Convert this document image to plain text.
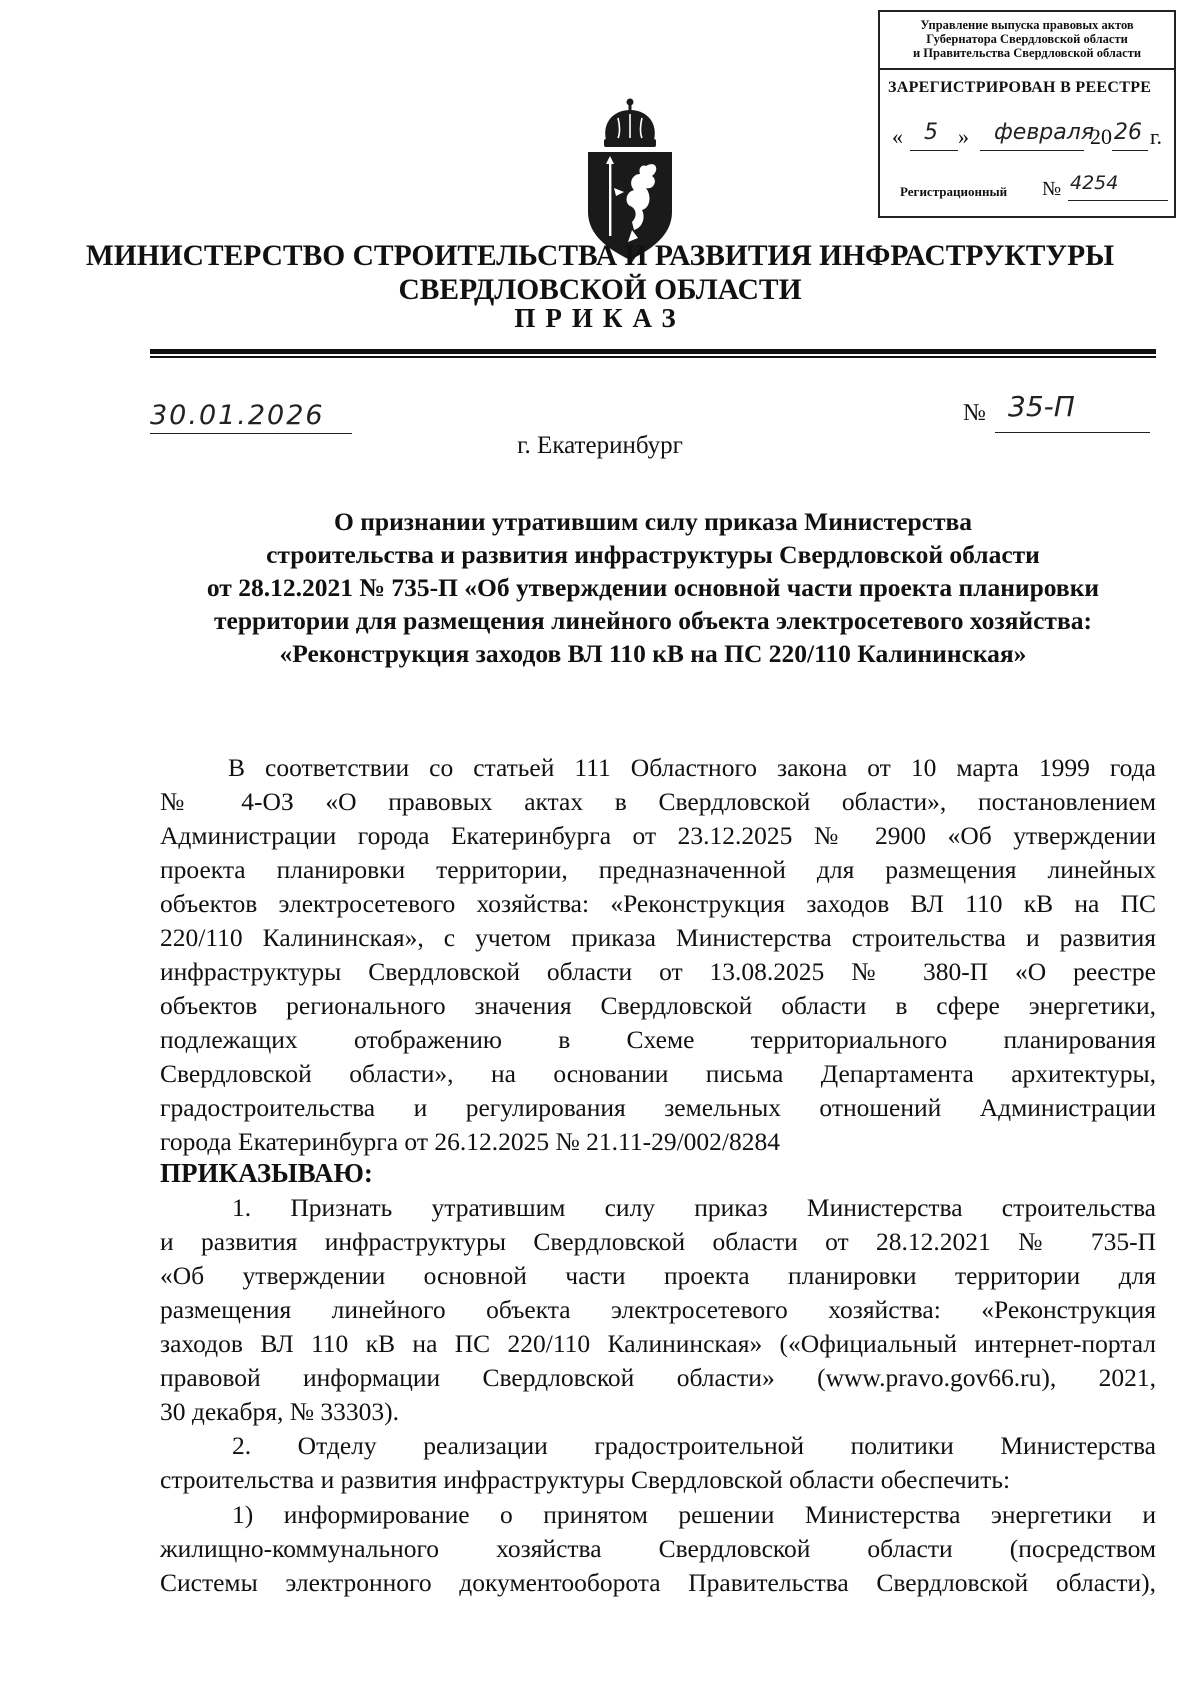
Управление выпуска правовых актов
Губернатора Свердловской области
и Правительства Свердловской области
ЗАРЕГИСТРИРОВАН В РЕЕСТРЕ
« 5 » февраля
20 26 г.
Регистрационный № 4254
МИНИСТЕРСТВО СТРОИТЕЛЬСТВА И РАЗВИТИЯ ИНФРАСТРУКТУРЫ
СВЕРДЛОВСКОЙ ОБЛАСТИ
ПРИКАЗ
30.01.2026	№ 35-П
г. Екатеринбург
О признании утратившим силу приказа Министерства
строительства и развития инфраструктуры Свердловской области
от 28.12.2021 № 735-П «Об утверждении основной части проекта планировки
территории для размещения линейного объекта электросетевого хозяйства:
«Реконструкция заходов ВЛ 110 кВ на ПС 220/110 Калининская»
В соответствии со статьей 111 Областного закона от 10 марта 1999 года
№ 4-ОЗ «О правовых актах в Свердловской области», постановлением
Администрации города Екатеринбурга от 23.12.2025 № 2900 «Об утверждении
проекта планировки территории, предназначенной для размещения линейных
объектов электросетевого хозяйства: «Реконструкция заходов ВЛ 110 кВ на ПС
220/110 Калининская», с учетом приказа Министерства строительства и развития
инфраструктуры Свердловской области от 13.08.2025 № 380-П «О реестре
объектов регионального значения Свердловской области в сфере энергетики,
подлежащих отображению в Схеме территориального планирования
Свердловской области», на основании письма Департамента архитектуры,
градостроительства и регулирования земельных отношений Администрации
города Екатеринбурга от 26.12.2025 № 21.11-29/002/8284
ПРИКАЗЫВАЮ:
1. Признать утратившим силу приказ Министерства строительства
и развития инфраструктуры Свердловской области от 28.12.2021 № 735-П
«Об утверждении основной части проекта планировки территории для
размещения линейного объекта электросетевого хозяйства: «Реконструкция
заходов ВЛ 110 кВ на ПС 220/110 Калининская» («Официальный интернет-портал
правовой информации Свердловской области» (www.pravo.gov66.ru), 2021,
30 декабря, № 33303).
2. Отделу реализации градостроительной политики Министерства
строительства и развития инфраструктуры Свердловской области обеспечить:
1) информирование о принятом решении Министерства энергетики и
жилищно-коммунального хозяйства Свердловской области (посредством
Системы электронного документооборота Правительства Свердловской области),
